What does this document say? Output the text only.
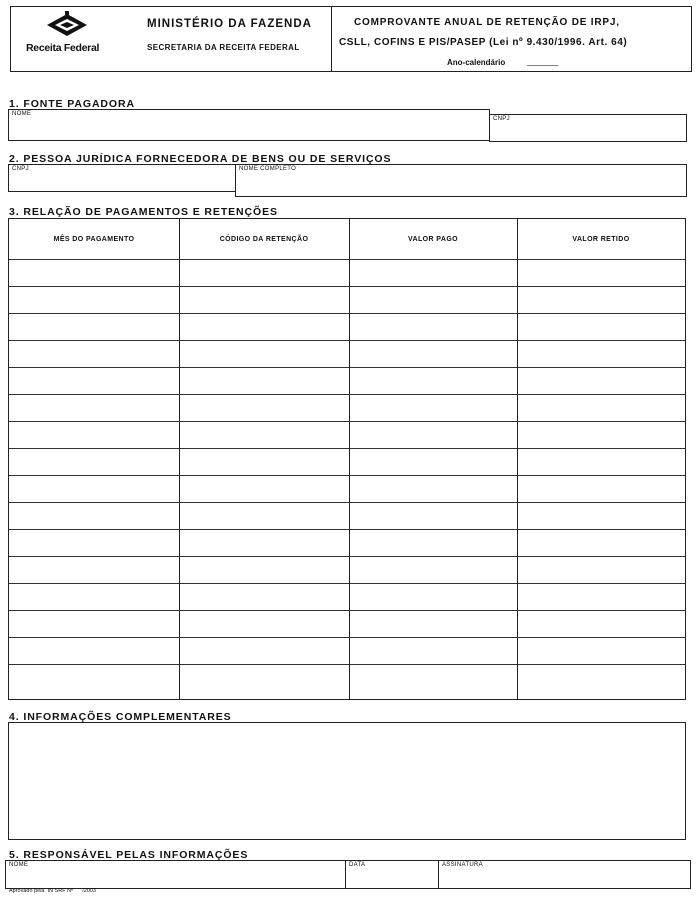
Receita Federal
MINISTÉRIO DA FAZENDA
SECRETARIA DA RECEITA FEDERAL
COMPROVANTE ANUAL DE RETENÇÃO DE IRPJ,
CSLL, COFINS E PIS/PASEP (Lei nº 9.430/1996. Art. 64)
Ano-calendário	_______
1. FONTE PAGADORA
NOME
CNPJ
2. PESSOA JURÍDICA FORNECEDORA DE BENS OU DE SERVIÇOS
CNPJ	NOME COMPLETO
3. RELAÇÃO DE PAGAMENTOS E RETENÇÕES
MÊS DO PAGAMENTO	CÓDIGO DA RETENÇÃO	VALOR PAGO	VALOR RETIDO
4. INFORMAÇÕES COMPLEMENTARES
5. RESPONSÁVEL PELAS INFORMAÇÕES
NOME	DATA	ASSINATURA
Aprovado pela  IN SRF Nº      /2003
